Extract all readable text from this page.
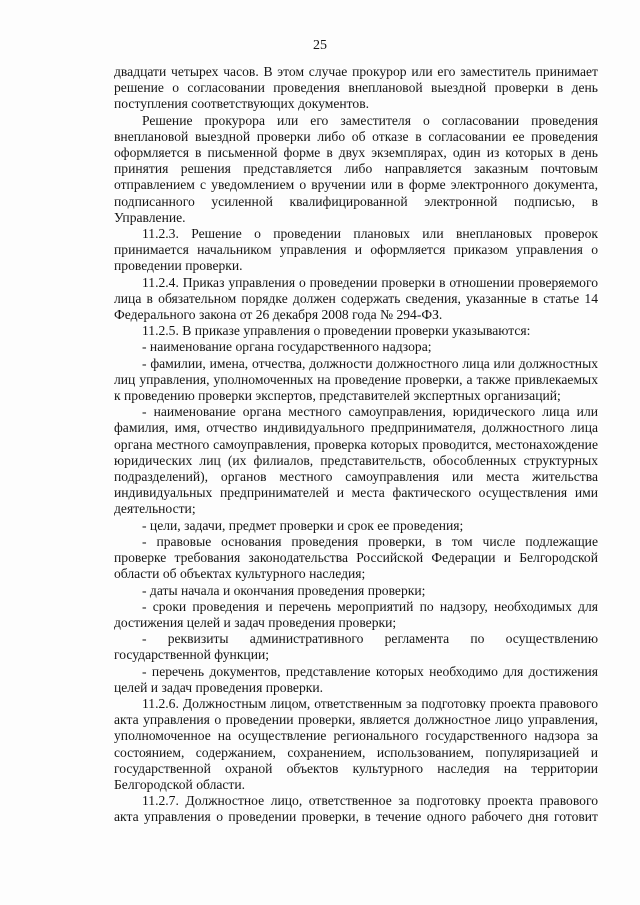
25

двадцати четырех часов. В этом случае прокурор или его заместитель принимает решение о согласовании проведения внеплановой выездной проверки в день поступления соответствующих документов.

Решение прокурора или его заместителя о согласовании проведения внеплановой выездной проверки либо об отказе в согласовании ее проведения оформляется в письменной форме в двух экземплярах, один из которых в день принятия решения представляется либо направляется заказным почтовым отправлением с уведомлением о вручении или в форме электронного документа, подписанного усиленной квалифицированной электронной подписью, в Управление.

11.2.3. Решение о проведении плановых или внеплановых проверок принимается начальником управления и оформляется приказом управления о проведении проверки.

11.2.4. Приказ управления о проведении проверки в отношении проверяемого лица в обязательном порядке должен содержать сведения, указанные в статье 14 Федерального закона от 26 декабря 2008 года № 294-ФЗ.

11.2.5. В приказе управления о проведении проверки указываются:

- наименование органа государственного надзора;

- фамилии, имена, отчества, должности должностного лица или должностных лиц управления, уполномоченных на проведение проверки, а также привлекаемых к проведению проверки экспертов, представителей экспертных организаций;

- наименование органа местного самоуправления, юридического лица или фамилия, имя, отчество индивидуального предпринимателя, должностного лица органа местного самоуправления, проверка которых проводится, местонахождение юридических лиц (их филиалов, представительств, обособленных структурных подразделений), органов местного самоуправления или места жительства индивидуальных предпринимателей и места фактического осуществления ими деятельности;

- цели, задачи, предмет проверки и срок ее проведения;

- правовые основания проведения проверки, в том числе подлежащие проверке требования законодательства Российской Федерации и Белгородской области об объектах культурного наследия;

- даты начала и окончания проведения проверки;

- сроки проведения и перечень мероприятий по надзору, необходимых для достижения целей и задач проведения проверки;

- реквизиты административного регламента по осуществлению государственной функции;

- перечень документов, представление которых необходимо для достижения целей и задач проведения проверки.

11.2.6. Должностным лицом, ответственным за подготовку проекта правового акта управления о проведении проверки, является должностное лицо управления, уполномоченное на осуществление регионального государственного надзора за состоянием, содержанием, сохранением, использованием, популяризацией и государственной охраной объектов культурного наследия на территории Белгородской области.

11.2.7. Должностное лицо, ответственное за подготовку проекта правового акта управления о проведении проверки, в течение одного рабочего дня готовит
